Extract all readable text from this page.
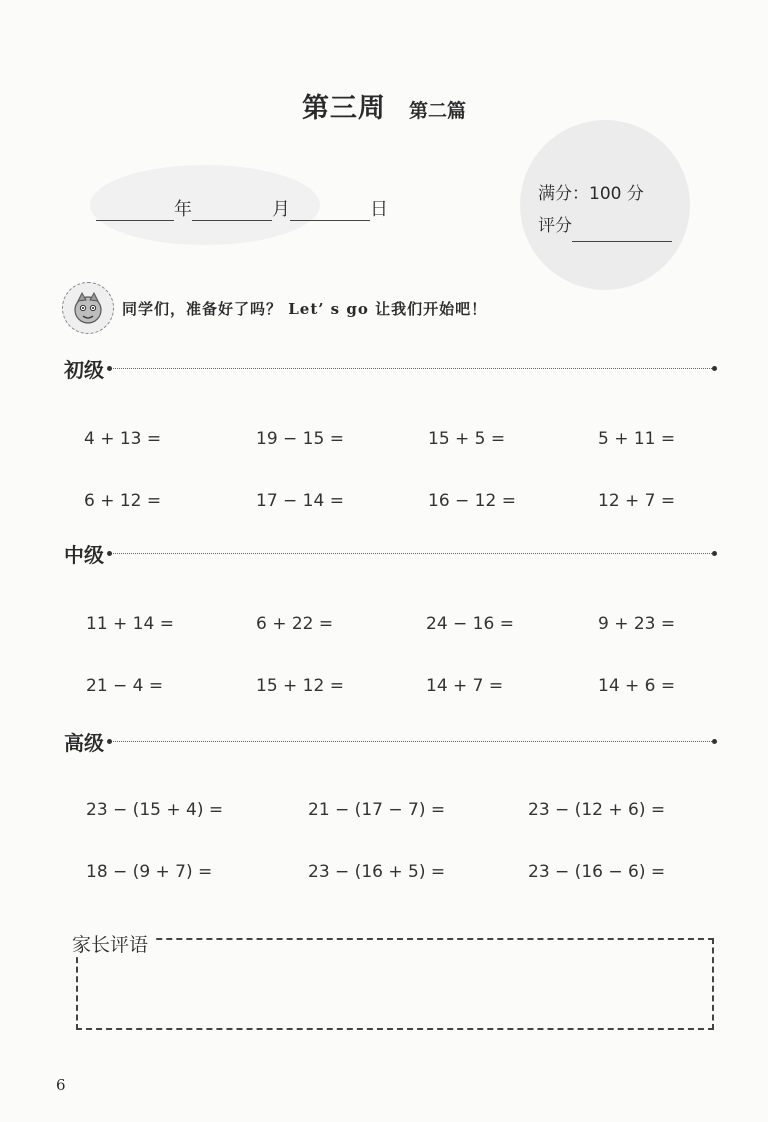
第三周 第二篇
年	月	日
满分：100 分
评分
同学们，准备好了吗？ Let’ s go 让我们开始吧！
初级
4 + 13 =	19 − 15 =	15 + 5 =	5 + 11 =
6 + 12 =	17 − 14 =	16 − 12 =	12 + 7 =
中级
11 + 14 =	6 + 22 =	24 − 16 =	9 + 23 =
21 − 4 =	15 + 12 =	14 + 7 =	14 + 6 =
高级
23 − (15 + 4) =	21 − (17 − 7) =	23 − (12 + 6) =
18 − (9 + 7) =	23 − (16 + 5) =	23 − (16 − 6) =
家长评语
6
